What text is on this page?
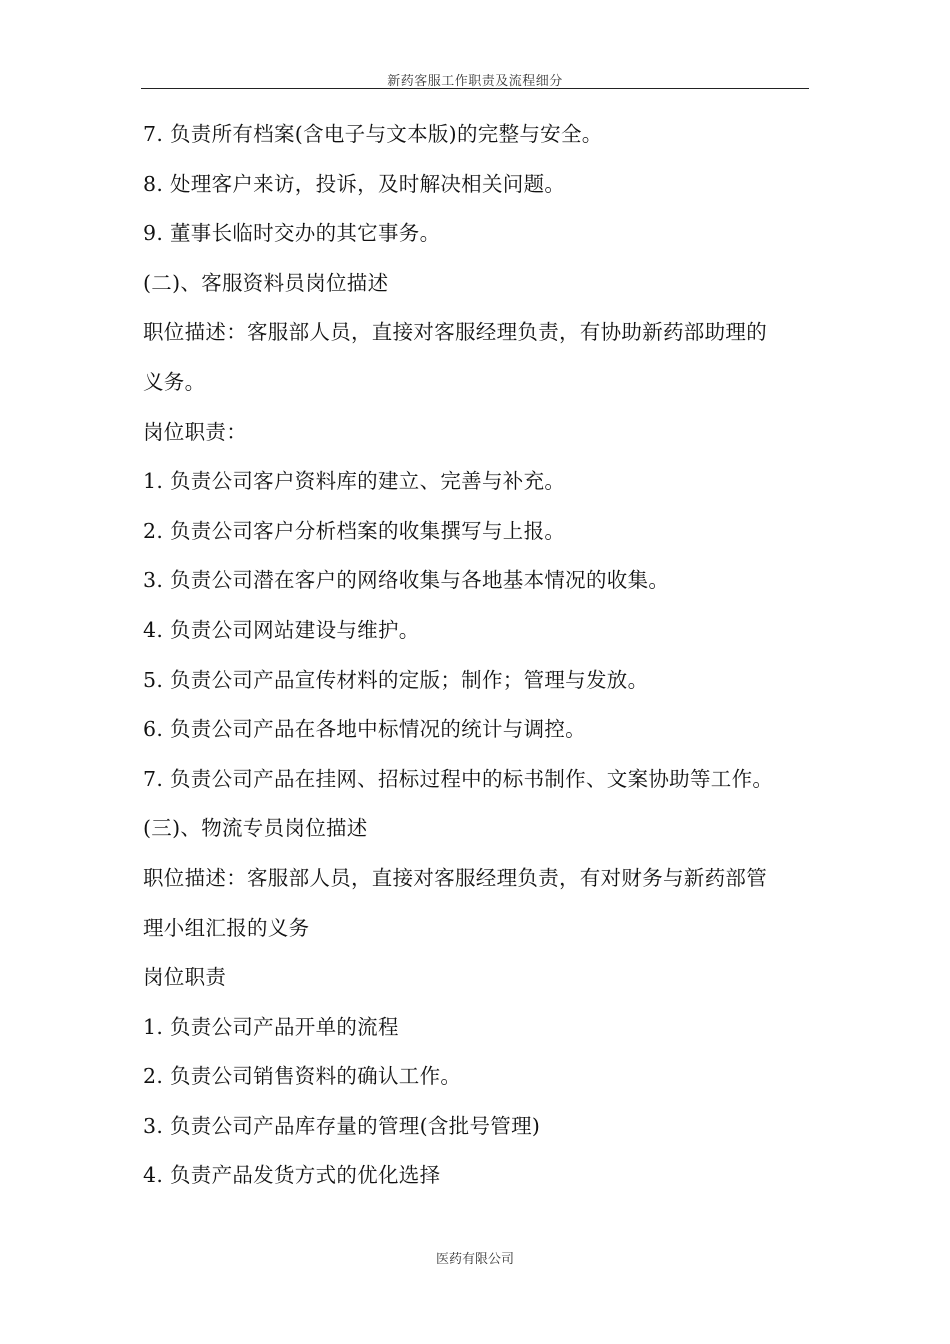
新药客服工作职责及流程细分
7. 负责所有档案(含电子与文本版)的完整与安全。
8. 处理客户来访，投诉，及时解决相关问题。
9. 董事长临时交办的其它事务。
(二)、客服资料员岗位描述
职位描述：客服部人员，直接对客服经理负责，有协助新药部助理的
义务。
岗位职责：
1. 负责公司客户资料库的建立、完善与补充。
2. 负责公司客户分析档案的收集撰写与上报。
3. 负责公司潜在客户的网络收集与各地基本情况的收集。
4. 负责公司网站建设与维护。
5. 负责公司产品宣传材料的定版；制作；管理与发放。
6. 负责公司产品在各地中标情况的统计与调控。
7. 负责公司产品在挂网、招标过程中的标书制作、文案协助等工作。
(三)、物流专员岗位描述
职位描述：客服部人员，直接对客服经理负责，有对财务与新药部管
理小组汇报的义务
岗位职责
1. 负责公司产品开单的流程
2. 负责公司销售资料的确认工作。
3. 负责公司产品库存量的管理(含批号管理)
4. 负责产品发货方式的优化选择
医药有限公司
